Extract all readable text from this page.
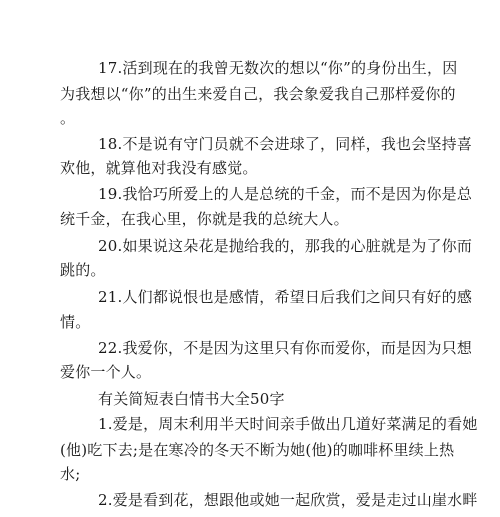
17.活到现在的我曾无数次的想以“你”的身份出生，因
为我想以“你”的出生来爱自己，我会象爱我自己那样爱你的
。
18.不是说有守门员就不会进球了，同样，我也会坚持喜
欢他，就算他对我没有感觉。
19.我恰巧所爱上的人是总统的千金，而不是因为你是总
统千金，在我心里，你就是我的总统大人。
20.如果说这朵花是抛给我的，那我的心脏就是为了你而
跳的。
21.人们都说恨也是感情，希望日后我们之间只有好的感
情。
22.我爱你，不是因为这里只有你而爱你，而是因为只想
爱你一个人。
有关简短表白情书大全50字
1.爱是，周末利用半天时间亲手做出几道好菜满足的看她
(他)吃下去;是在寒冷的冬天不断为她(他)的咖啡杯里续上热
水;
2.爱是看到花，想跟他或她一起欣赏，爱是走过山崖水畔
